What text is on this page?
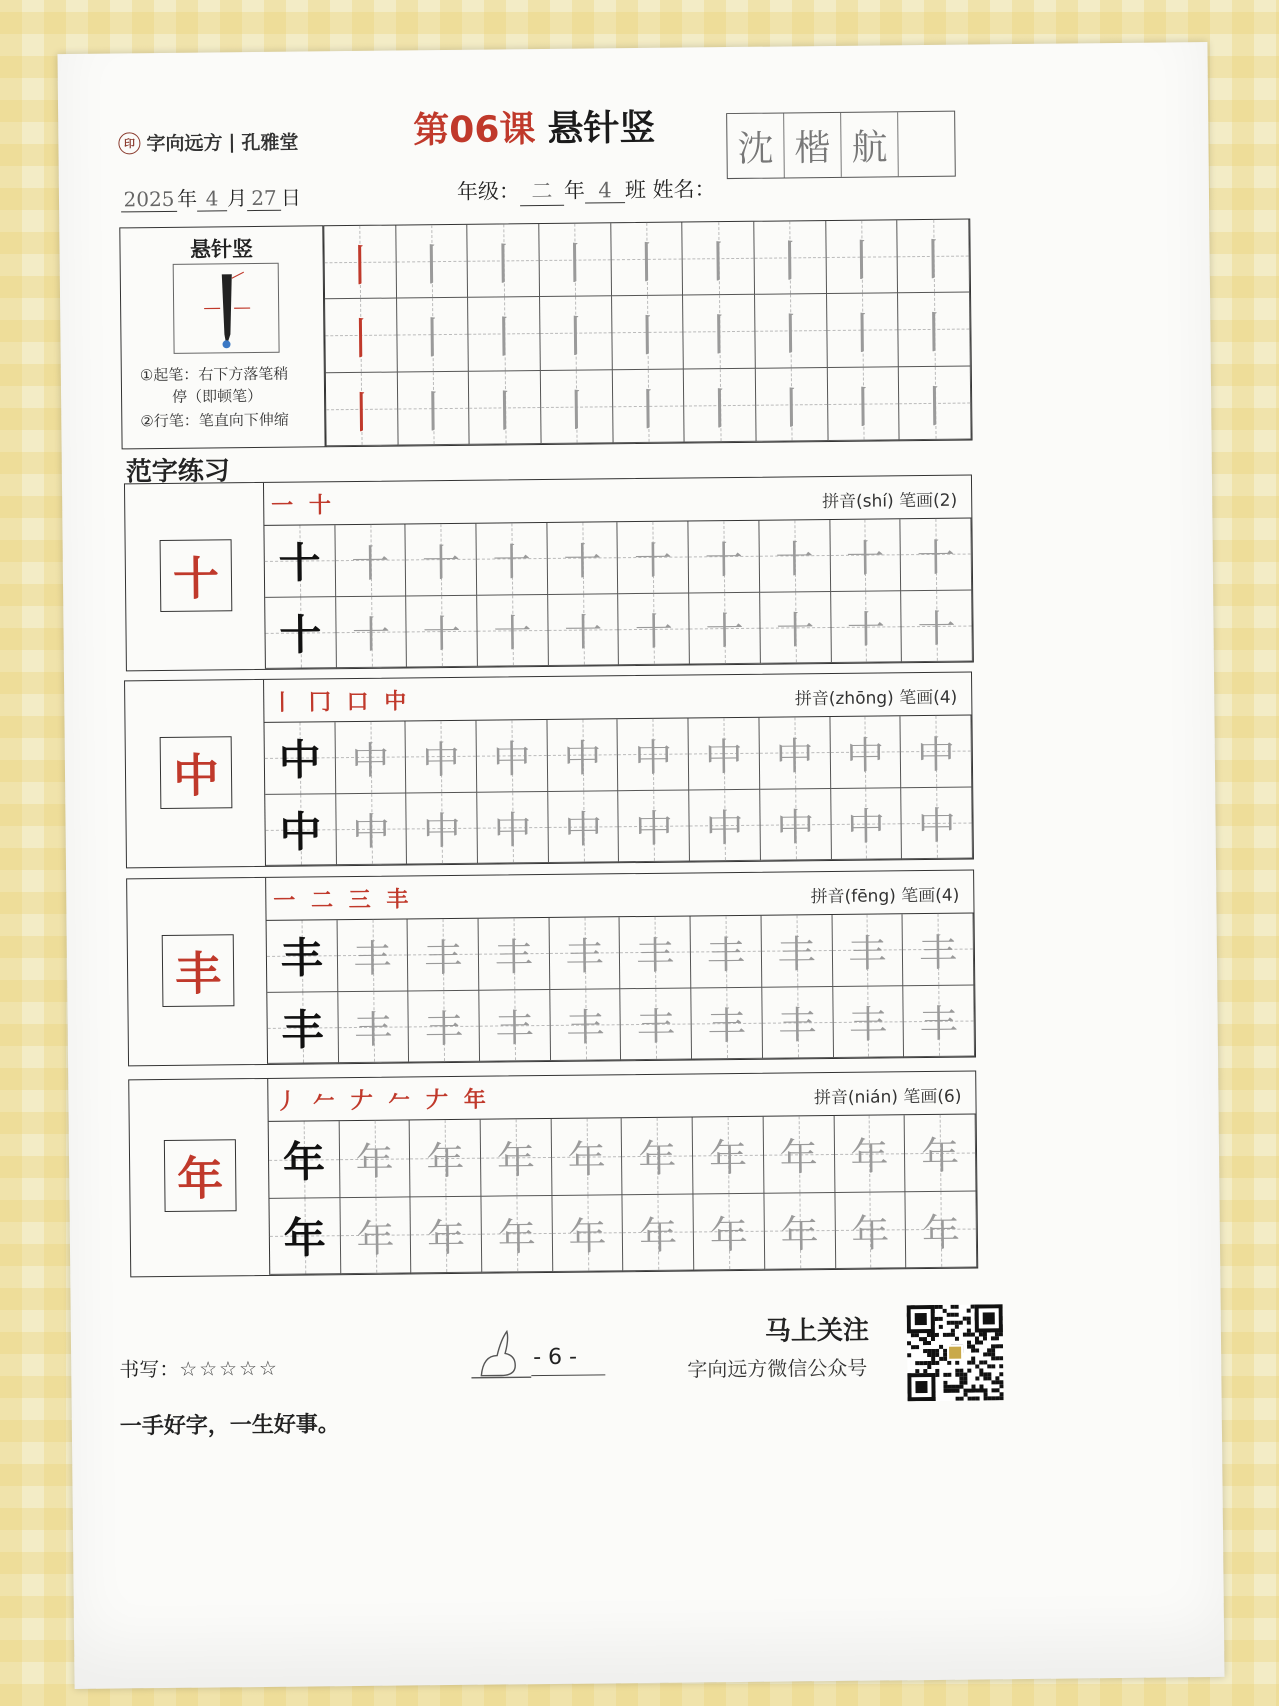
印 字向远方 | 孔雅堂	第06课 悬针竖 沈 楷 航
2025 年 4 月 27 日	年级： 二 年 4 班 姓名：
悬针竖

①起笔：右下方落笔稍

停（即顿笔）

②行笔：笔直向下伸缩

丨 丨 丨 丨 丨 丨 丨 丨 丨
丨 丨 丨 丨 丨 丨 丨 丨 丨
丨 丨 丨 丨 丨 丨 丨 丨 丨
范字练习
十
一 十	拼音(shí) 笔画(2)
十 十 十 十 十 十 十 十 十 十
十 十 十 十 十 十 十 十 十 十
中
丨 冂 口 中	拼音(zhōng) 笔画(4)
中 中 中 中 中 中 中 中 中 中
中 中 中 中 中 中 中 中 中 中
丰
一 二 三 丰	拼音(fēng) 笔画(4)
丰 丰 丰 丰 丰 丰 丰 丰 丰 丰
丰 丰 丰 丰 丰 丰 丰 丰 丰 丰
年
丿 𠂉 𠂇 𠂉 𠂇 年	拼音(nián) 笔画(6)
年 年 年 年 年 年 年 年 年 年
年 年 年 年 年 年 年 年 年 年
书写：☆☆☆☆☆	- 6 -
马上关注
字向远方微信公众号
一手好字，一生好事。
